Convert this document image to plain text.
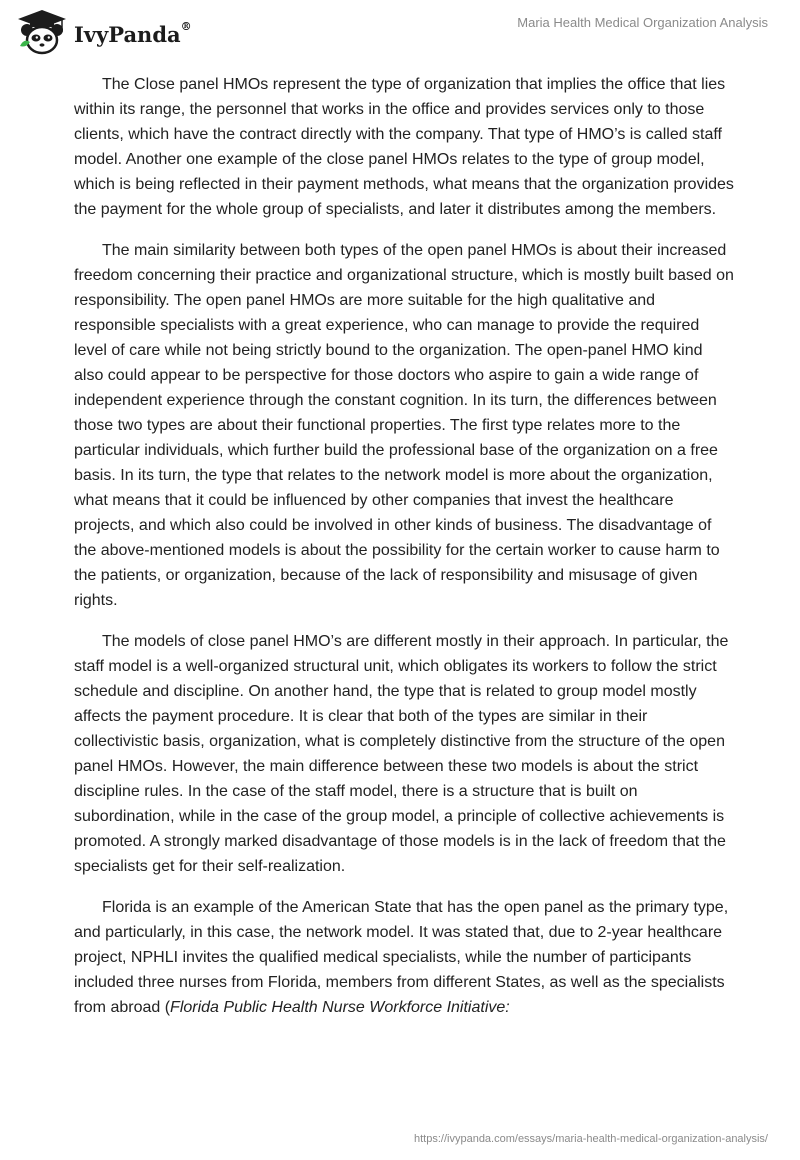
IvyPanda®	Maria Health Medical Organization Analysis

The Close panel HMOs represent the type of organization that implies the office that lies within its range, the personnel that works in the office and provides services only to those clients, which have the contract directly with the company. That type of HMO’s is called staff model. Another one example of the close panel HMOs relates to the type of group model, which is being reflected in their payment methods, what means that the organization provides the payment for the whole group of specialists, and later it distributes among the members.

The main similarity between both types of the open panel HMOs is about their increased freedom concerning their practice and organizational structure, which is mostly built based on responsibility. The open panel HMOs are more suitable for the high qualitative and responsible specialists with a great experience, who can manage to provide the required level of care while not being strictly bound to the organization. The open-panel HMO kind also could appear to be perspective for those doctors who aspire to gain a wide range of independent experience through the constant cognition. In its turn, the differences between those two types are about their functional properties. The first type relates more to the particular individuals, which further build the professional base of the organization on a free basis. In its turn, the type that relates to the network model is more about the organization, what means that it could be influenced by other companies that invest the healthcare projects, and which also could be involved in other kinds of business. The disadvantage of the above-mentioned models is about the possibility for the certain worker to cause harm to the patients, or organization, because of the lack of responsibility and misusage of given rights.

The models of close panel HMO’s are different mostly in their approach. In particular, the staff model is a well-organized structural unit, which obligates its workers to follow the strict schedule and discipline. On another hand, the type that is related to group model mostly affects the payment procedure. It is clear that both of the types are similar in their collectivistic basis, organization, what is completely distinctive from the structure of the open panel HMOs. However, the main difference between these two models is about the strict discipline rules. In the case of the staff model, there is a structure that is built on subordination, while in the case of the group model, a principle of collective achievements is promoted. A strongly marked disadvantage of those models is in the lack of freedom that the specialists get for their self-realization.

Florida is an example of the American State that has the open panel as the primary type, and particularly, in this case, the network model. It was stated that, due to 2-year healthcare project, NPHLI invites the qualified medical specialists, while the number of participants included three nurses from Florida, members from different States, as well as the specialists from abroad (Florida Public Health Nurse Workforce Initiative:

https://ivypanda.com/essays/maria-health-medical-organization-analysis/
